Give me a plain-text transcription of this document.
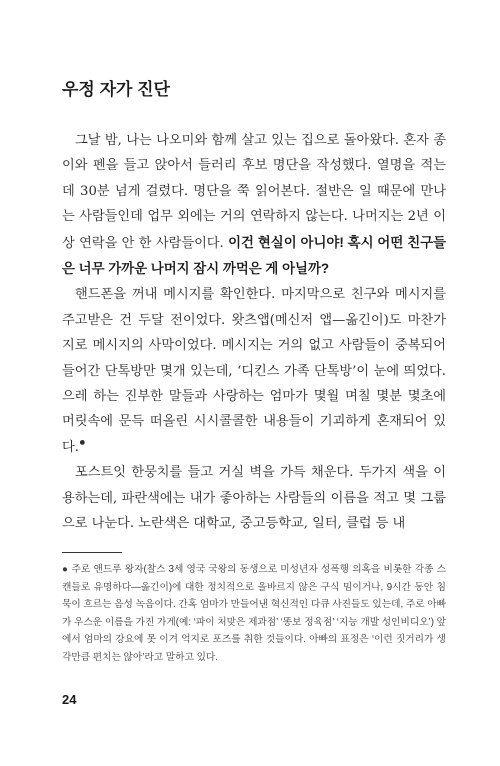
우정 자가 진단

그날 밤, 나는 나오미와 함께 살고 있는 집으로 돌아왔다. 혼자 종이와 펜을 들고 앉아서 들러리 후보 명단을 작성했다. 열명을 적는 데 30분 넘게 걸렸다. 명단을 쭉 읽어본다. 절반은 일 때문에 만나는 사람들인데 업무 외에는 거의 연락하지 않는다. 나머지는 2년 이상 연락을 안 한 사람들이다. 이건 현실이 아니야! 혹시 어떤 친구들은 너무 가까운 나머지 잠시 까먹은 게 아닐까?

핸드폰을 꺼내 메시지를 확인한다. 마지막으로 친구와 메시지를 주고받은 건 두달 전이었다. 왓츠앱(메신저 앱—옮긴이)도 마찬가지로 메시지의 사막이었다. 메시지는 거의 없고 사람들이 중복되어 들어간 단톡방만 몇개 있는데, ‘디킨스 가족 단톡방’이 눈에 띄었다. 으레 하는 진부한 말들과 사랑하는 엄마가 몇월 며칠 몇분 몇초에 머릿속에 문득 떠올린 시시콜콜한 내용들이 기괴하게 혼재되어 있다.●

포스트잇 한뭉치를 들고 거실 벽을 가득 채운다. 두가지 색을 이용하는데, 파란색에는 내가 좋아하는 사람들의 이름을 적고 몇 그룹으로 나눈다. 노란색은 대학교, 중고등학교, 일터, 클럽 등 내

● 주로 앤드루 왕자(찰스 3세 영국 국왕의 동생으로 미성년자 성폭행 의혹을 비롯한 각종 스캔들로 유명하다—옮긴이)에 대한 정치적으로 올바르지 않은 구식 밈이거나, 9시간 동안 침묵이 흐르는 음성 녹음이다. 간혹 엄마가 만들어낸 혁신적인 다큐 사진들도 있는데, 주로 아빠가 우스운 이름을 가진 가게(예: ‘파이 처맞은 제과점’ ‘똥보 정육점’ ‘지능 개발 성인비디오’) 앞에서 엄마의 강요에 못 이겨 억지로 포즈를 취한 것들이다. 아빠의 표정은 ‘이런 짓거리가 생각만큼 편치는 않아’라고 말하고 있다.
24
